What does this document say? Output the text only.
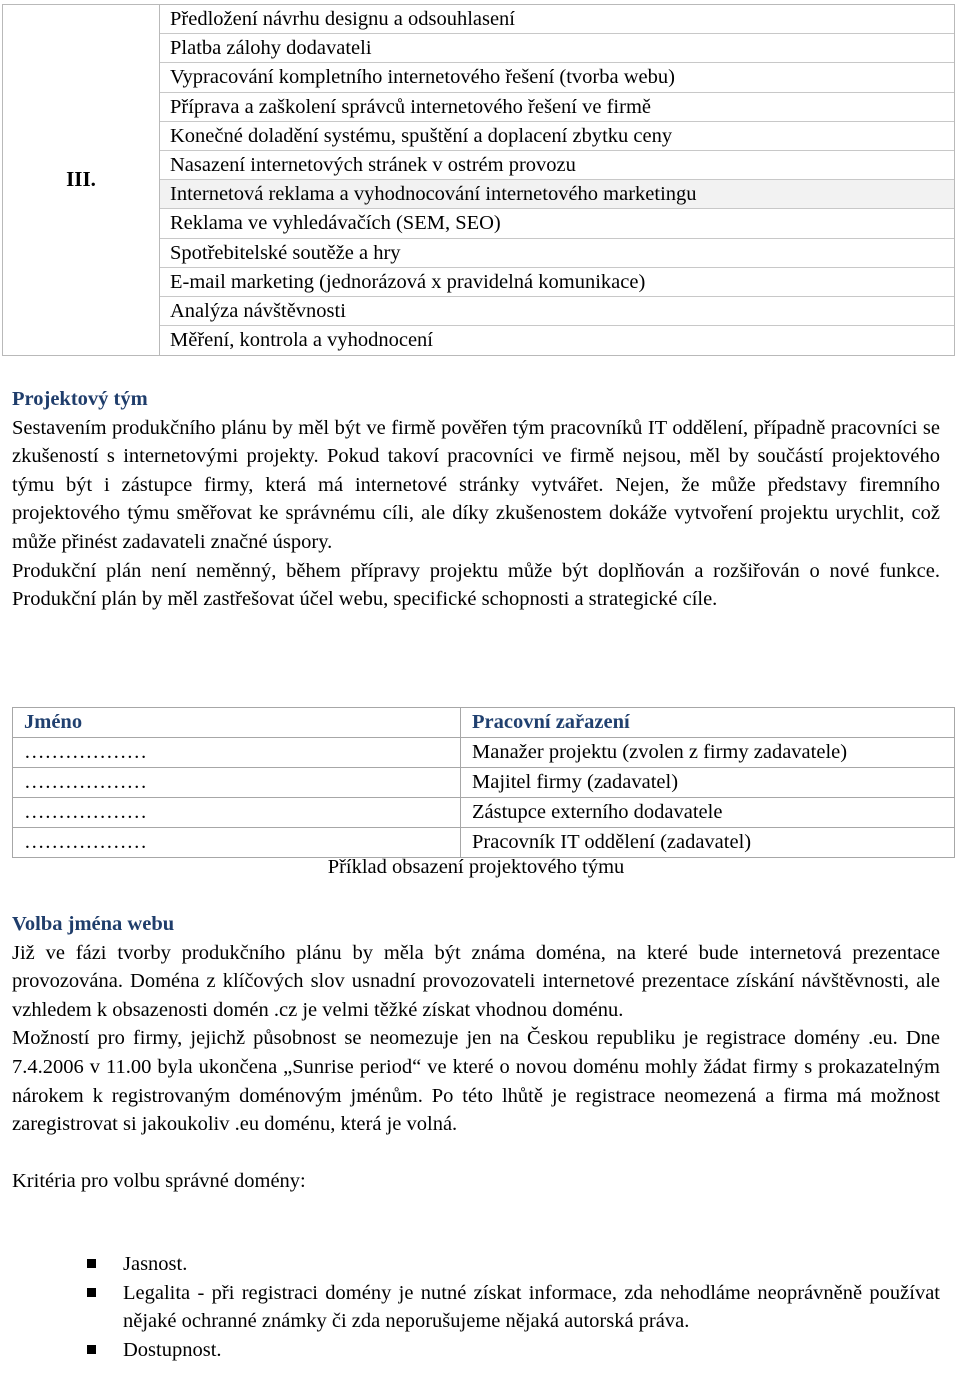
III.	
Předložení návrhu designu a odsouhlasení
Platba zálohy dodavateli
Vypracování kompletního internetového řešení (tvorba webu)
Příprava a zaškolení správců internetového řešení ve firmě
Konečné doladění systému, spuštění a doplacení zbytku ceny
Nasazení internetových stránek v ostrém provozu
Internetová reklama a vyhodnocování internetového marketingu
Reklama ve vyhledávačích (SEM, SEO)
Spotřebitelské soutěže a hry
E-mail marketing (jednorázová x pravidelná komunikace)
Analýza návštěvnosti
Měření, kontrola a vyhodnocení
Projektový tým
Sestavením produkčního plánu by měl být ve firmě pověřen tým pracovníků IT oddělení, případně pracovníci se zkušeností s internetovými projekty. Pokud takoví pracovníci ve firmě nejsou, měl by součástí projektového týmu být i zástupce firmy, která má internetové stránky vytvářet. Nejen, že může představy firemního projektového týmu směřovat ke správnému cíli, ale díky zkušenostem dokáže vytvoření projektu urychlit, což může přinést zadavateli značné úspory.
Produkční plán není neměnný, během přípravy projektu může být doplňován a rozšiřován o nové funkce. Produkční plán by měl zastřešovat účel webu, specifické schopnosti a strategické cíle.
Jméno	Pracovní zařazení
………………	Manažer projektu (zvolen z firmy zadavatele)
………………	Majitel firmy (zadavatel)
………………	Zástupce externího dodavatele
………………	Pracovník IT oddělení (zadavatel)
Příklad obsazení projektového týmu
Volba jména webu
Již ve fázi tvorby produkčního plánu by měla být známa doména, na které bude internetová prezentace provozována. Doména z klíčových slov usnadní provozovateli internetové prezentace získání návštěvnosti, ale vzhledem k obsazenosti domén .cz je velmi těžké získat vhodnou doménu.
Možností pro firmy, jejichž působnost se neomezuje jen na Českou republiku je registrace domény .eu. Dne 7.4.2006 v 11.00 byla ukončena „Sunrise period“ ve které o novou doménu mohly žádat firmy s prokazatelným nárokem k registrovaným doménovým jménům. Po této lhůtě je registrace neomezená a firma má možnost zaregistrovat si jakoukoliv .eu doménu, která je volná.
Kritéria pro volbu správné domény:
Jasnost.
Legalita - při registraci domény je nutné získat informace, zda nehodláme neoprávněně používat nějaké ochranné známky či zda neporušujeme nějaká autorská práva.
Dostupnost.
